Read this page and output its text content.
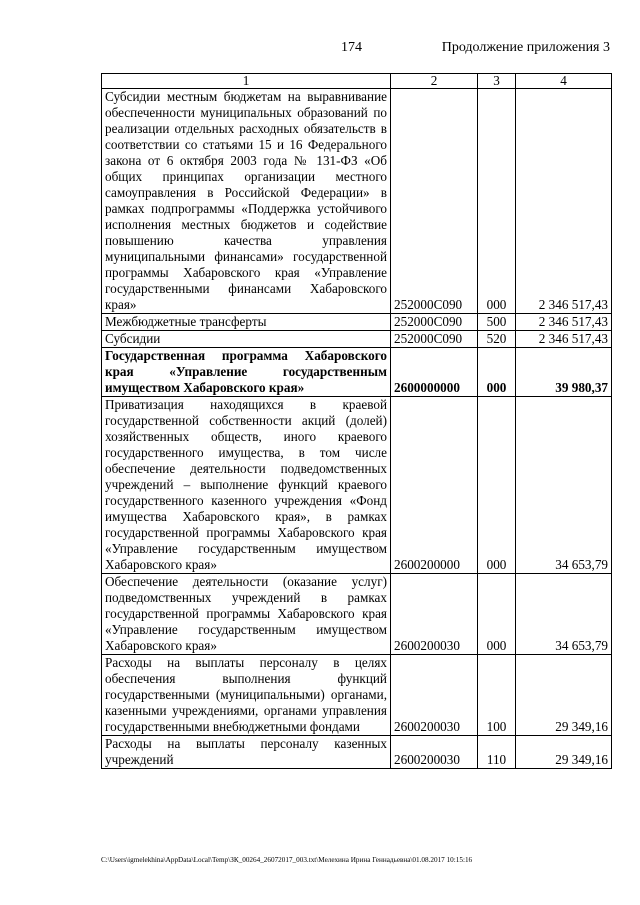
174	Продолжение приложения 3
1	2	3	4
Субсидии местным бюджетам на выравнивание обеспеченности муниципальных образований по реализации отдельных расходных обязательств в соответствии со статьями 15 и 16 Федерального закона от 6 октября 2003 года № 131-ФЗ «Об общих принципах организации местного самоуправления в Российской Федерации» в рамках подпрограммы «Поддержка устойчивого исполнения местных бюджетов и содействие повышению качества управления муниципальными финансами» государственной программы Хабаровского края «Управление государственными финансами Хабаровского края»	252000С090	000	2 346 517,43
Межбюджетные трансферты	252000С090	500	2 346 517,43
Субсидии	252000С090	520	2 346 517,43
Государственная программа Хабаровского края «Управление государственным имуществом Хабаровского края»	2600000000	000	39 980,37
Приватизация находящихся в краевой государственной собственности акций (долей) хозяйственных обществ, иного краевого государственного имущества, в том числе обеспечение деятельности подведомственных учреждений – выполнение функций краевого государственного казенного учреждения «Фонд имущества Хабаровского края», в рамках государственной программы Хабаровского края «Управление государственным имуществом Хабаровского края»	2600200000	000	34 653,79
Обеспечение деятельности (оказание услуг) подведомственных учреждений в рамках государственной программы Хабаровского края «Управление государственным имуществом Хабаровского края»	2600200030	000	34 653,79
Расходы на выплаты персоналу в целях обеспечения выполнения функций государственными (муниципальными) органами, казенными учреждениями, органами управления государственными внебюджетными фондами	2600200030	100	29 349,16
Расходы на выплаты персоналу казенных учреждений	2600200030	110	29 349,16
C:\Users\igmelekhina\AppData\Local\Temp\ЗК_00264_26072017_003.txt\Мелехина Ирина Геннадьевна\01.08.2017 10:15:16
